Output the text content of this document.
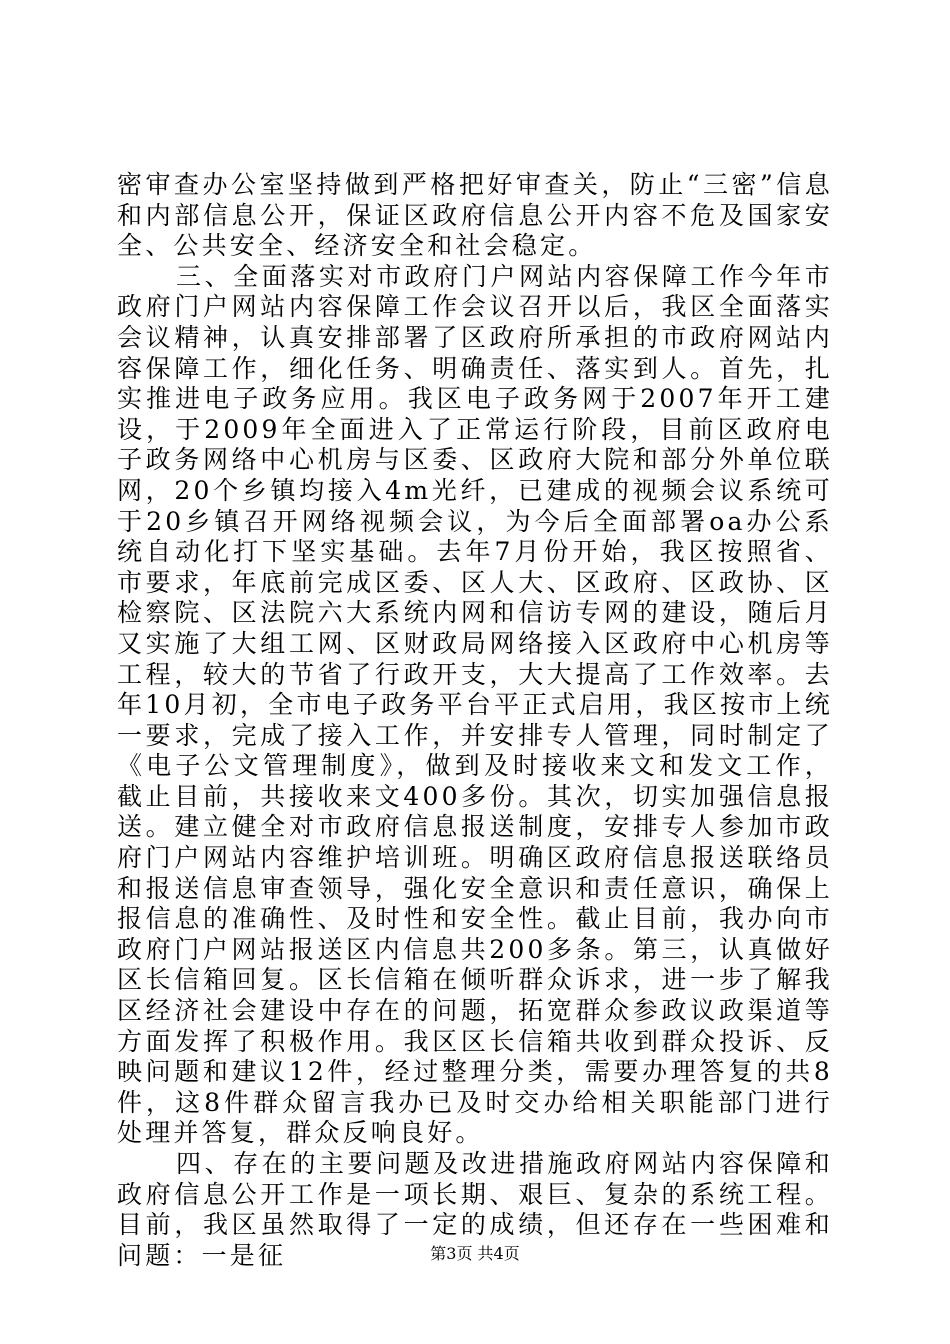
密审查办公室坚持做到严格把好审查关，防止“三密”信息和内部信息公开，保证区政府信息公开内容不危及国家安全、公共安全、经济安全和社会稳定。

三、全面落实对市政府门户网站内容保障工作今年市政府门户网站内容保障工作会议召开以后，我区全面落实会议精神，认真安排部署了区政府所承担的市政府网站内容保障工作，细化任务、明确责任、落实到人。首先，扎实推进电子政务应用。我区电子政务网于2007年开工建设，于2009年全面进入了正常运行阶段，目前区政府电子政务网络中心机房与区委、区政府大院和部分外单位联网，20个乡镇均接入4m光纤，已建成的视频会议系统可于20乡镇召开网络视频会议，为今后全面部署oa办公系统自动化打下坚实基础。去年7月份开始，我区按照省、市要求，年底前完成区委、区人大、区政府、区政协、区检察院、区法院六大系统内网和信访专网的建设，随后月又实施了大组工网、区财政局网络接入区政府中心机房等工程，较大的节省了行政开支，大大提高了工作效率。去年10月初，全市电子政务平台平正式启用，我区按市上统一要求，完成了接入工作，并安排专人管理，同时制定了《电子公文管理制度》，做到及时接收来文和发文工作，截止目前，共接收来文400多份。其次，切实加强信息报送。建立健全对市政府信息报送制度，安排专人参加市政府门户网站内容维护培训班。明确区政府信息报送联络员和报送信息审查领导，强化安全意识和责任意识，确保上报信息的准确性、及时性和安全性。截止目前，我办向市政府门户网站报送区内信息共200多条。第三，认真做好区长信箱回复。区长信箱在倾听群众诉求，进一步了解我区经济社会建设中存在的问题，拓宽群众参政议政渠道等方面发挥了积极作用。我区区长信箱共收到群众投诉、反映问题和建议12件，经过整理分类，需要办理答复的共8件，这8件群众留言我办已及时交办给相关职能部门进行处理并答复，群众反响良好。

四、存在的主要问题及改进措施政府网站内容保障和政府信息公开工作是一项长期、艰巨、复杂的系统工程。目前，我区虽然取得了一定的成绩，但还存在一些困难和问题：一是征	第3页 共4页
